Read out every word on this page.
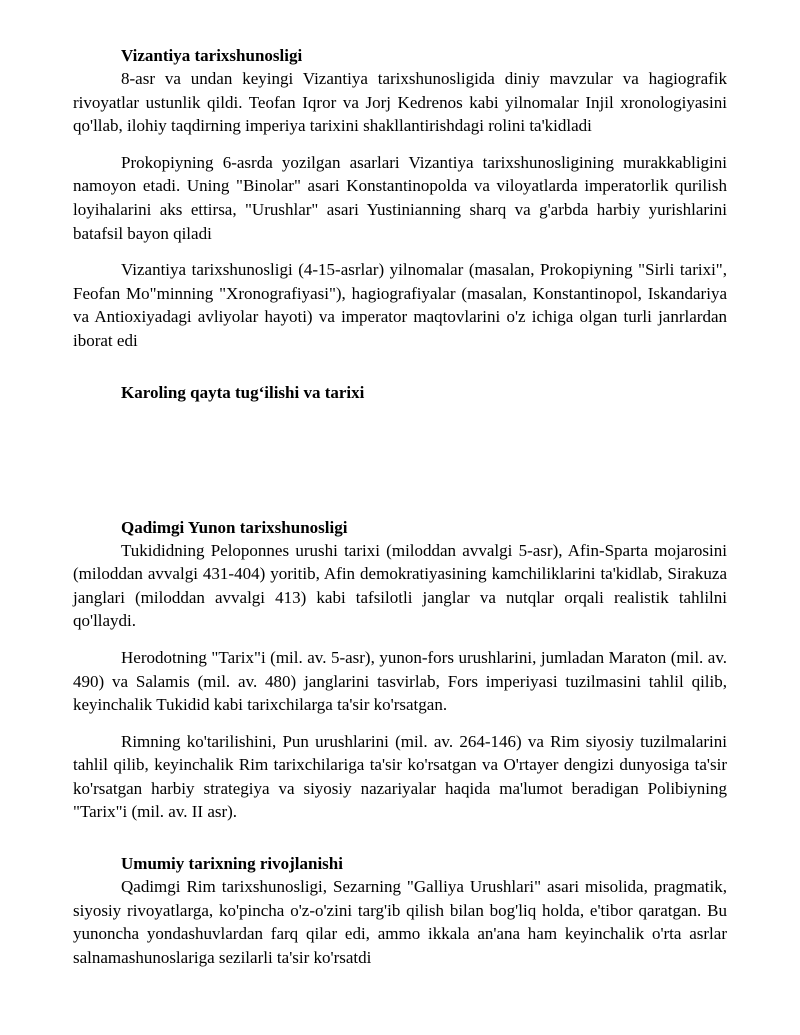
Vizantiya tarixshunosligi

8-asr va undan keyingi Vizantiya tarixshunosligida diniy mavzular va hagiografik rivoyatlar ustunlik qildi. Teofan Iqror va Jorj Kedrenos kabi yilnomalar Injil xronologiyasini qo'llab, ilohiy taqdirning imperiya tarixini shakllantirishdagi rolini ta'kidladi

Prokopiyning 6-asrda yozilgan asarlari Vizantiya tarixshunosligining murakkabligini namoyon etadi. Uning "Binolar" asari Konstantinopolda va viloyatlarda imperatorlik qurilish loyihalarini aks ettirsa, "Urushlar" asari Yustinianning sharq va g'arbda harbiy yurishlarini batafsil bayon qiladi

Vizantiya tarixshunosligi (4-15-asrlar) yilnomalar (masalan, Prokopiyning "Sirli tarixi", Feofan Mo"minning "Xronografiyasi"), hagiografiyalar (masalan, Konstantinopol, Iskandariya va Antioxiyadagi avliyolar hayoti) va imperator maqtovlarini o'z ichiga olgan turli janrlardan iborat edi

Karoling qayta tug‘ilishi va tarixi

Qadimgi Yunon tarixshunosligi

Tukididning Peloponnes urushi tarixi (miloddan avvalgi 5-asr), Afin-Sparta mojarosini (miloddan avvalgi 431-404) yoritib, Afin demokratiyasining kamchiliklarini ta'kidlab, Sirakuza janglari (miloddan avvalgi 413) kabi tafsilotli janglar va nutqlar orqali realistik tahlilni qo'llaydi.

Herodotning "Tarix"i (mil. av. 5-asr), yunon-fors urushlarini, jumladan Maraton (mil. av. 490) va Salamis (mil. av. 480) janglarini tasvirlab, Fors imperiyasi tuzilmasini tahlil qilib, keyinchalik Tukidid kabi tarixchilarga ta'sir ko'rsatgan.

Rimning ko'tarilishini, Pun urushlarini (mil. av. 264-146) va Rim siyosiy tuzilmalarini tahlil qilib, keyinchalik Rim tarixchilariga ta'sir ko'rsatgan va O'rtayer dengizi dunyosiga ta'sir ko'rsatgan harbiy strategiya va siyosiy nazariyalar haqida ma'lumot beradigan Polibiyning "Tarix"i (mil. av. II asr).

Umumiy tarixning rivojlanishi

Qadimgi Rim tarixshunosligi, Sezarning "Galliya Urushlari" asari misolida, pragmatik, siyosiy rivoyatlarga, ko'pincha o'z-o'zini targ'ib qilish bilan bog'liq holda, e'tibor qaratgan. Bu yunoncha yondashuvlardan farq qilar edi, ammo ikkala an'ana ham keyinchalik o'rta asrlar salnamashunoslariga sezilarli ta'sir ko'rsatdi
